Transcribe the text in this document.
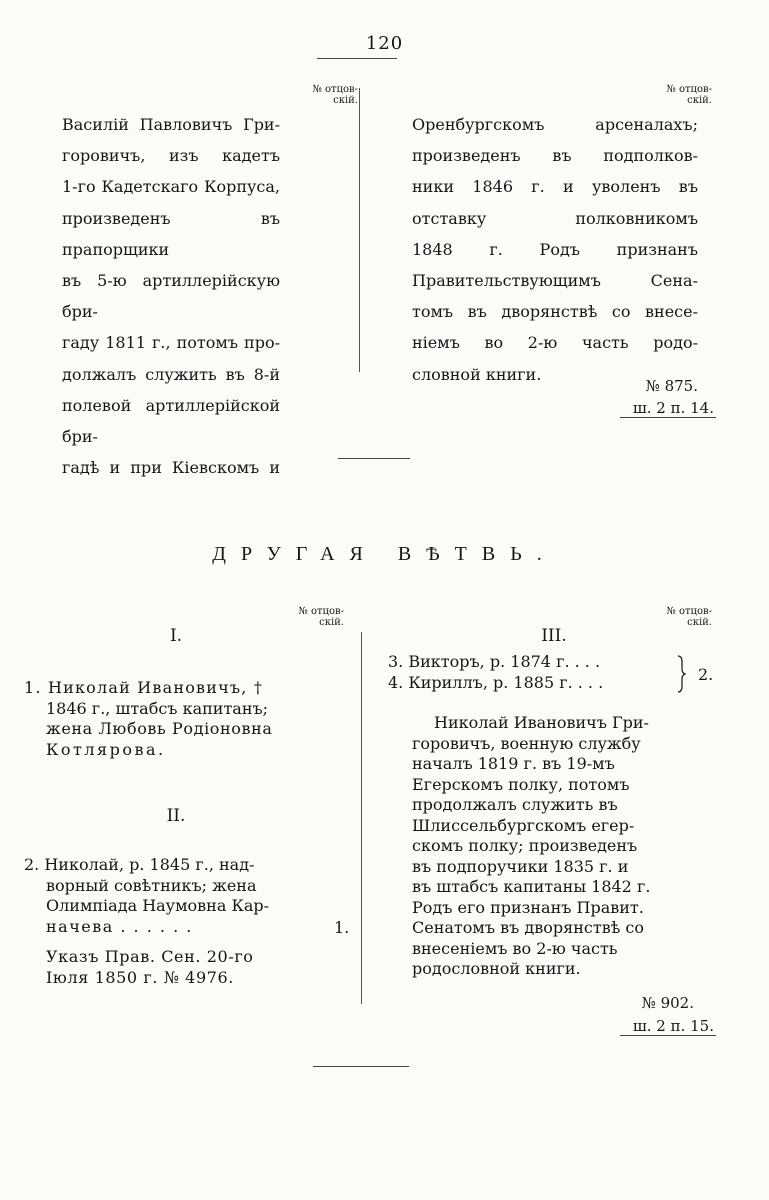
120
№ отцов-
скій.
№ отцов-
скій.
Василій Павловичъ Гри-
горовичъ, изъ кадетъ
1-го Кадетскаго Корпуса,
произведенъ въ прапорщики
въ 5-ю артиллерійскую бри-
гаду 1811 г., потомъ про-
должалъ служить въ 8-й
полевой артиллерійской бри-
гадѣ и при Кіевскомъ и
Оренбургскомъ арсеналахъ;
произведенъ въ подполков-
ники 1846 г. и уволенъ въ
отставку полковникомъ
1848 г. Родъ признанъ
Правительствующимъ Сена-
томъ въ дворянствѣ со внесе-
ніемъ во 2-ю часть родо-
словной книги.
№ 875.
ш. 2 п. 14.
ДРУГАЯ ВѢТВЬ.
№ отцов-
скій.
№ отцов-
скій.
I.
1. Николай Ивановичъ, †
1846 г., штабсъ капитанъ;
жена Любовь Родіоновна
Котлярова.
II.
2. Николай, р. 1845 г., над-
ворный совѣтникъ; жена
Олимпіада Наумовна Кар-
начева . . . . . .	1.
Указъ Прав. Сен. 20-го
Іюля 1850 г. № 4976.
III.
3. Викторъ, р. 1874 г. . . .
4. Кириллъ, р. 1885 г. . . .	2.
Николай Ивановичъ Гри-
горовичъ, военную службу
началъ 1819 г. въ 19-мъ
Егерскомъ полку, потомъ
продолжалъ служить въ
Шлиссельбургскомъ егер-
скомъ полку; произведенъ
въ подпоручики 1835 г. и
въ штабсъ капитаны 1842 г.
Родъ его признанъ Правит.
Сенатомъ въ дворянствѣ со
внесеніемъ во 2-ю часть
родословной книги.
№ 902.
ш. 2 п. 15.
